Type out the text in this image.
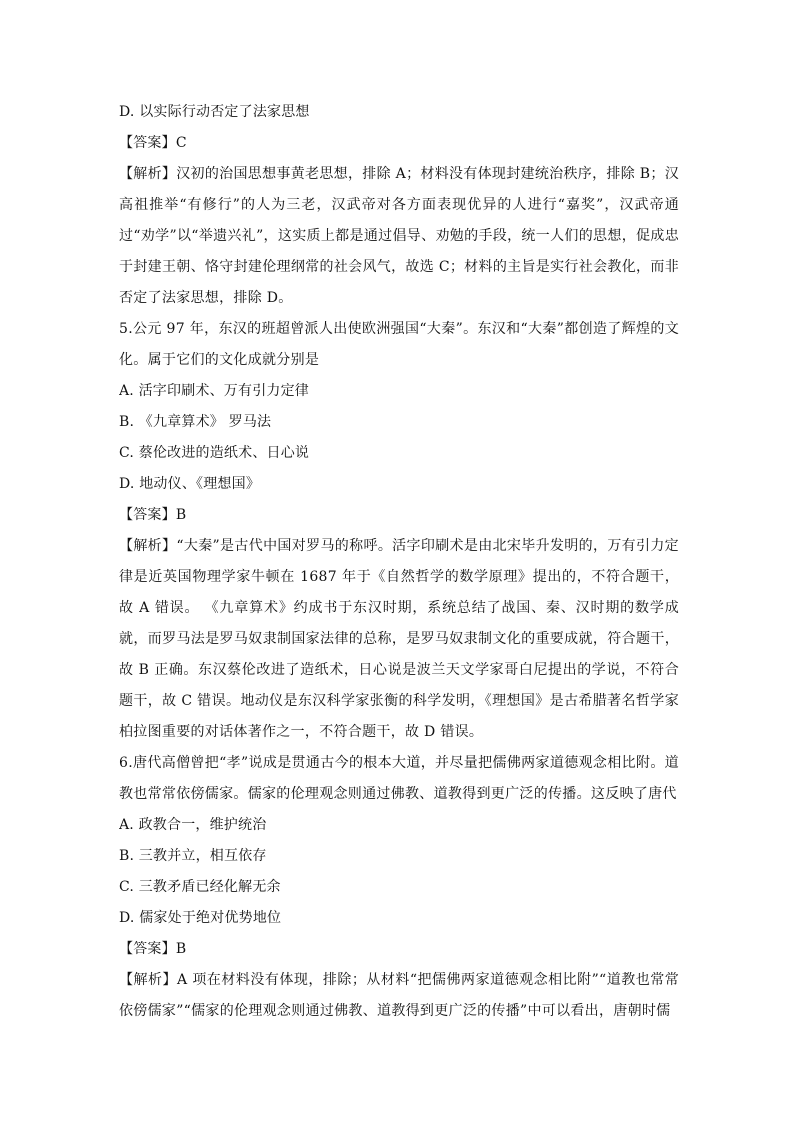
D. 以实际行动否定了法家思想
【答案】C

【解析】汉初的治国思想事黄老思想，排除 A；材料没有体现封建统治秩序，排除 B；汉高祖推举“有修行”的人为三老，汉武帝对各方面表现优异的人进行“嘉奖”，汉武帝通过“劝学”以“举遗兴礼”，这实质上都是通过倡导、劝勉的手段，统一人们的思想，促成忠于封建王朝、恪守封建伦理纲常的社会风气，故选 C；材料的主旨是实行社会教化，而非否定了法家思想，排除 D。

5.公元 97 年，东汉的班超曾派人出使欧洲强国“大秦”。东汉和“大秦”都创造了辉煌的文化。属于它们的文化成就分别是

A. 活字印刷术、万有引力定律
B. 《九章算术》 罗马法
C. 蔡伦改进的造纸术、日心说
D. 地动仪、《理想国》
【答案】B

【解析】“大秦”是古代中国对罗马的称呼。活字印刷术是由北宋毕升发明的，万有引力定律是近英国物理学家牛顿在 1687 年于《自然哲学的数学原理》提出的，不符合题干，故 A 错误。 《九章算术》约成书于东汉时期，系统总结了战国、秦、汉时期的数学成就，而罗马法是罗马奴隶制国家法律的总称，是罗马奴隶制文化的重要成就，符合题干，故 B 正确。东汉蔡伦改进了造纸术，日心说是波兰天文学家哥白尼提出的学说，不符合题干，故 C 错误。地动仪是东汉科学家张衡的科学发明，《理想国》是古希腊著名哲学家柏拉图重要的对话体著作之一，不符合题干，故 D 错误。

6.唐代高僧曾把“孝”说成是贯通古今的根本大道，并尽量把儒佛两家道德观念相比附。道教也常常依傍儒家。儒家的伦理观念则通过佛教、道教得到更广泛的传播。这反映了唐代

A. 政教合一，维护统治
B. 三教并立，相互依存
C. 三教矛盾已经化解无余
D. 儒家处于绝对优势地位
【答案】B

【解析】A 项在材料没有体现，排除；从材料“把儒佛两家道德观念相比附”“道教也常常依傍儒家”“儒家的伦理观念则通过佛教、道教得到更广泛的传播”中可以看出，唐朝时儒
